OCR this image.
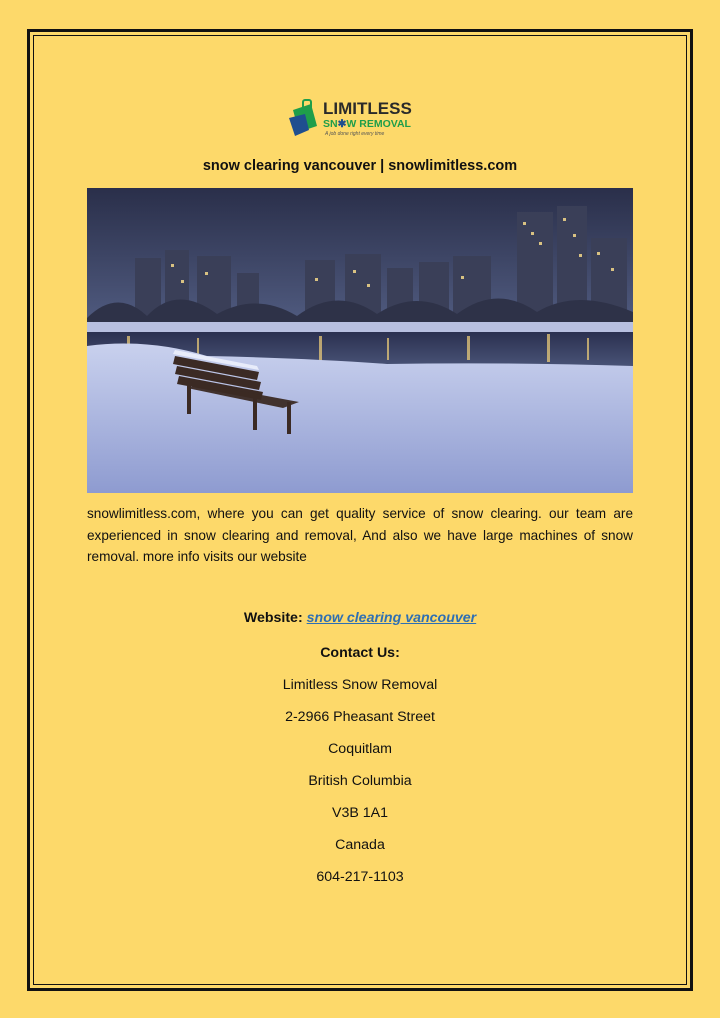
LIMITLESS
SN✱W REMOVAL
A job done right every time
snow clearing vancouver | snowlimitless.com
snowlimitless.com, where you can get quality service of snow clearing. our team are experienced in snow clearing and removal, And also we have large machines of snow removal. more info visits our website
Website: snow clearing vancouver
Contact Us:
Limitless Snow Removal
2-2966 Pheasant Street
Coquitlam
British Columbia
V3B 1A1
Canada
604-217-1103
